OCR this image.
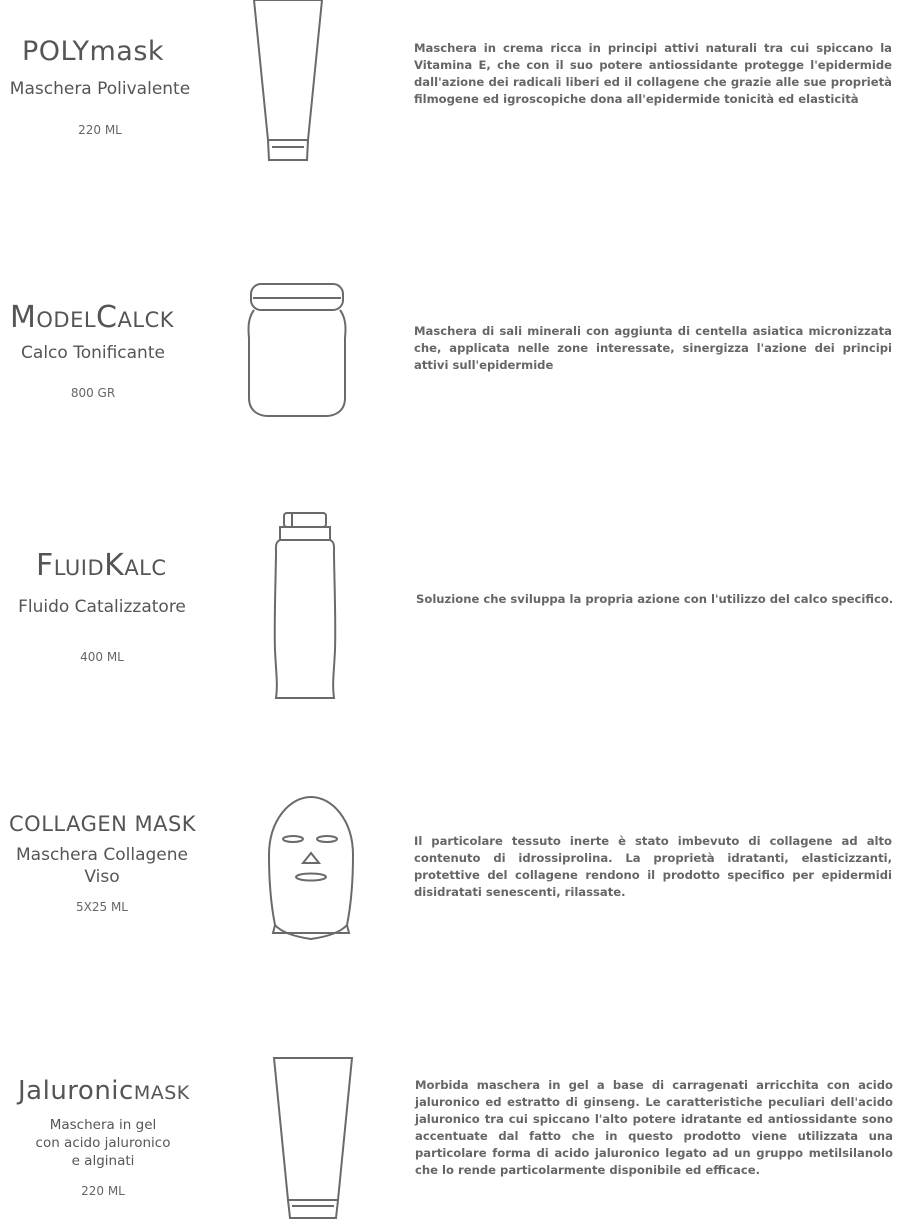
POLYmask
Maschera Polivalente
220 ML
Maschera in crema ricca in principi attivi naturali tra cui spiccano la Vitamina E, che con il suo potere antiossidante protegge l'epidermide dall'azione dei radicali liberi ed il collagene che grazie alle sue proprietà filmogene ed igroscopiche dona all'epidermide tonicità ed elasticità
ModelCalck
Calco Tonificante
800 GR
Maschera di sali minerali con aggiunta di centella asiatica micronizzata che, applicata nelle zone interessate, sinergizza l'azione dei principi attivi sull'epidermide
FluidKalc
Fluido Catalizzatore
400 ML
Soluzione che sviluppa la propria azione con l'utilizzo del calco specifico.
COLLAGEN MASK
Maschera Collagene
Viso
5X25 ML
Il particolare tessuto inerte è stato imbevuto di collagene ad alto contenuto di idrossiprolina. La proprietà idratanti, elasticizzanti, protettive del collagene rendono il prodotto specifico per epidermidi disidratati senescenti, rilassate.
JaluronicMASK
Maschera in gel
con acido jaluronico
e alginati
220 ML
Morbida maschera in gel a base di carragenati arricchita con acido jaluronico ed estratto di ginseng. Le caratteristiche peculiari dell'acido jaluronico tra cui spiccano l'alto potere idratante ed antiossidante sono accentuate dal fatto che in questo prodotto viene utilizzata una particolare forma di acido jaluronico legato ad un gruppo metilsilanolo che lo rende particolarmente disponibile ed efficace.
